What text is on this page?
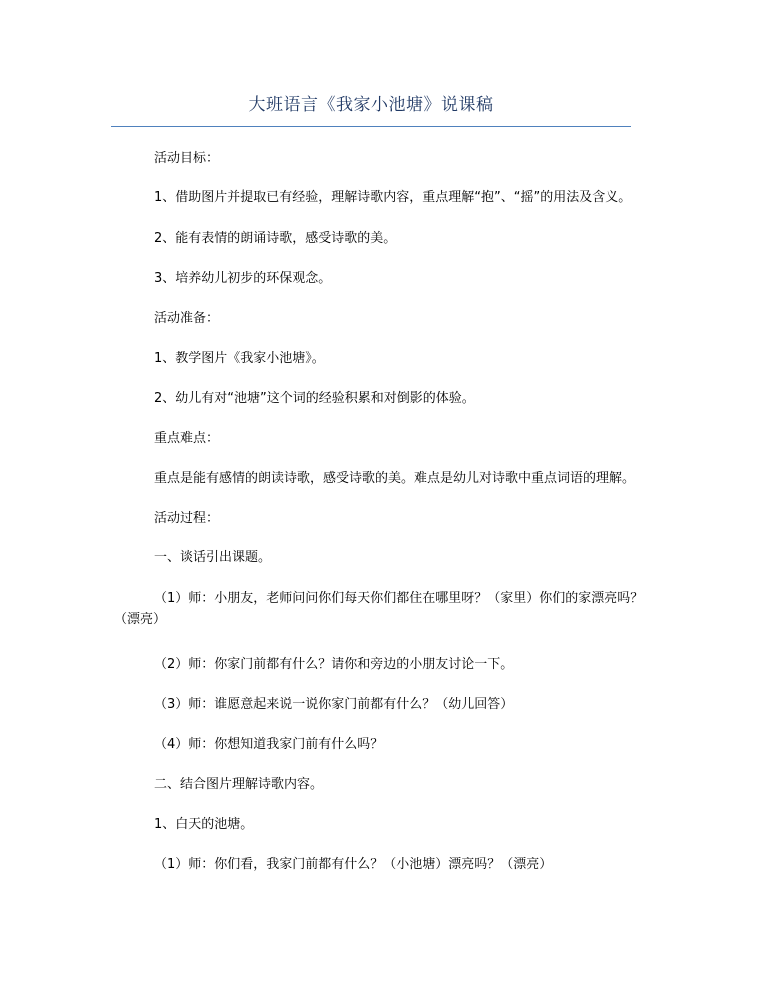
大班语言《我家小池塘》说课稿
活动目标：
1、借助图片并提取已有经验，理解诗歌内容，重点理解“抱”、“摇”的用法及含义。
2、能有表情的朗诵诗歌，感受诗歌的美。
3、培养幼儿初步的环保观念。
活动准备：
1、教学图片《我家小池塘》。
2、幼儿有对“池塘”这个词的经验积累和对倒影的体验。
重点难点：
重点是能有感情的朗读诗歌，感受诗歌的美。难点是幼儿对诗歌中重点词语的理解。
活动过程：
一、谈话引出课题。
（1）师：小朋友，老师问问你们每天你们都住在哪里呀？（家里）你们的家漂亮吗？（漂亮）
（2）师：你家门前都有什么？请你和旁边的小朋友讨论一下。
（3）师：谁愿意起来说一说你家门前都有什么？（幼儿回答）
（4）师：你想知道我家门前有什么吗？
二、结合图片理解诗歌内容。
1、白天的池塘。
（1）师：你们看，我家门前都有什么？（小池塘）漂亮吗？（漂亮）
